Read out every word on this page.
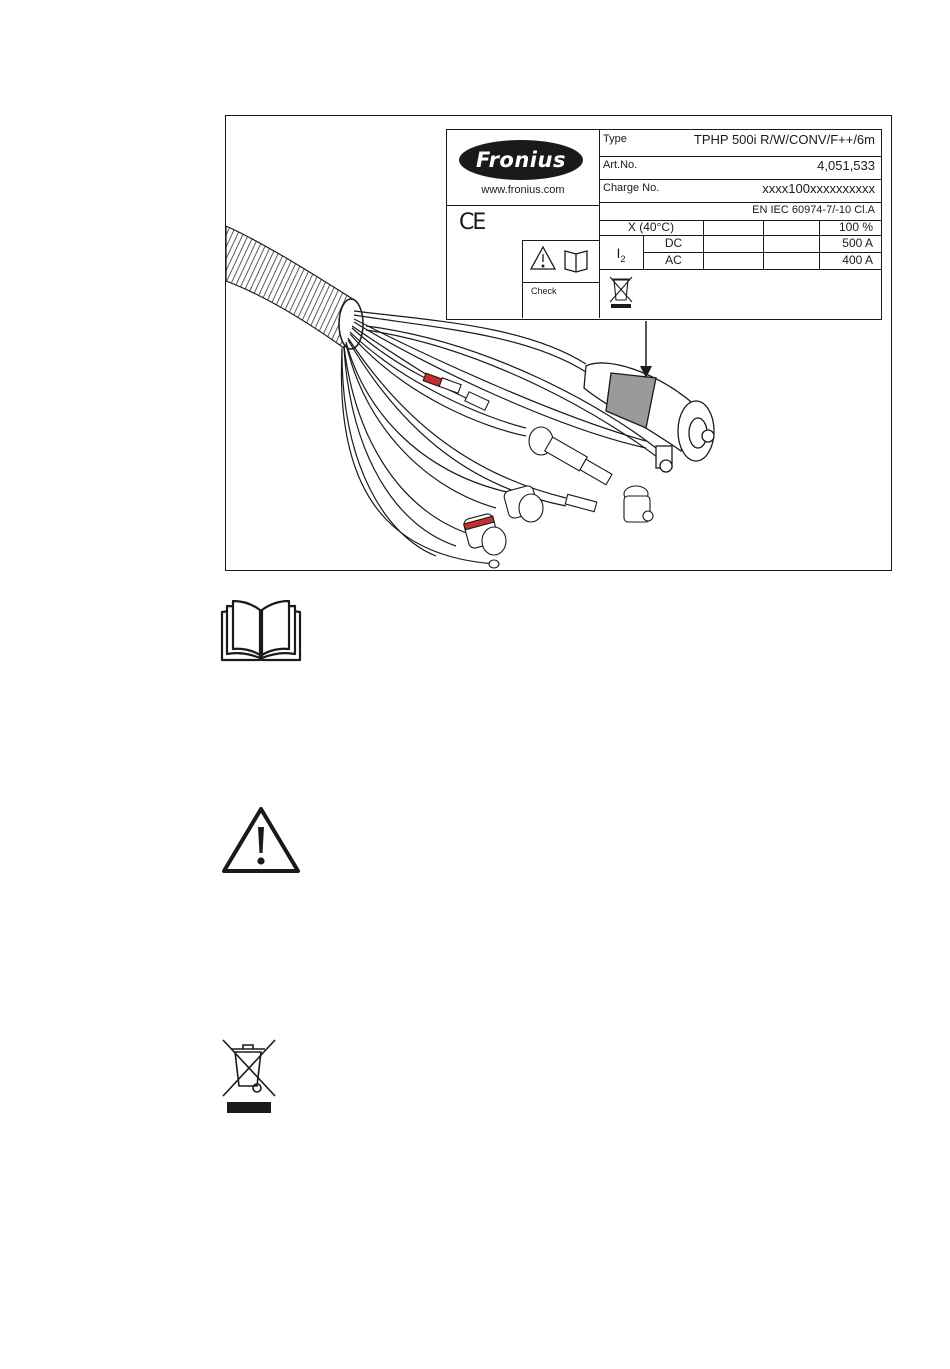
Fronius
www.fronius.com
CE
Check
Type	TPHP 500i R/W/CONV/F++/6m
Art.No.	4,051,533
Charge No.	xxxx100xxxxxxxxxx
EN IEC 60974-7/-10 Cl.A
X (40°C)	100 %
$I_2$
DC	500 A
AC	400 A
